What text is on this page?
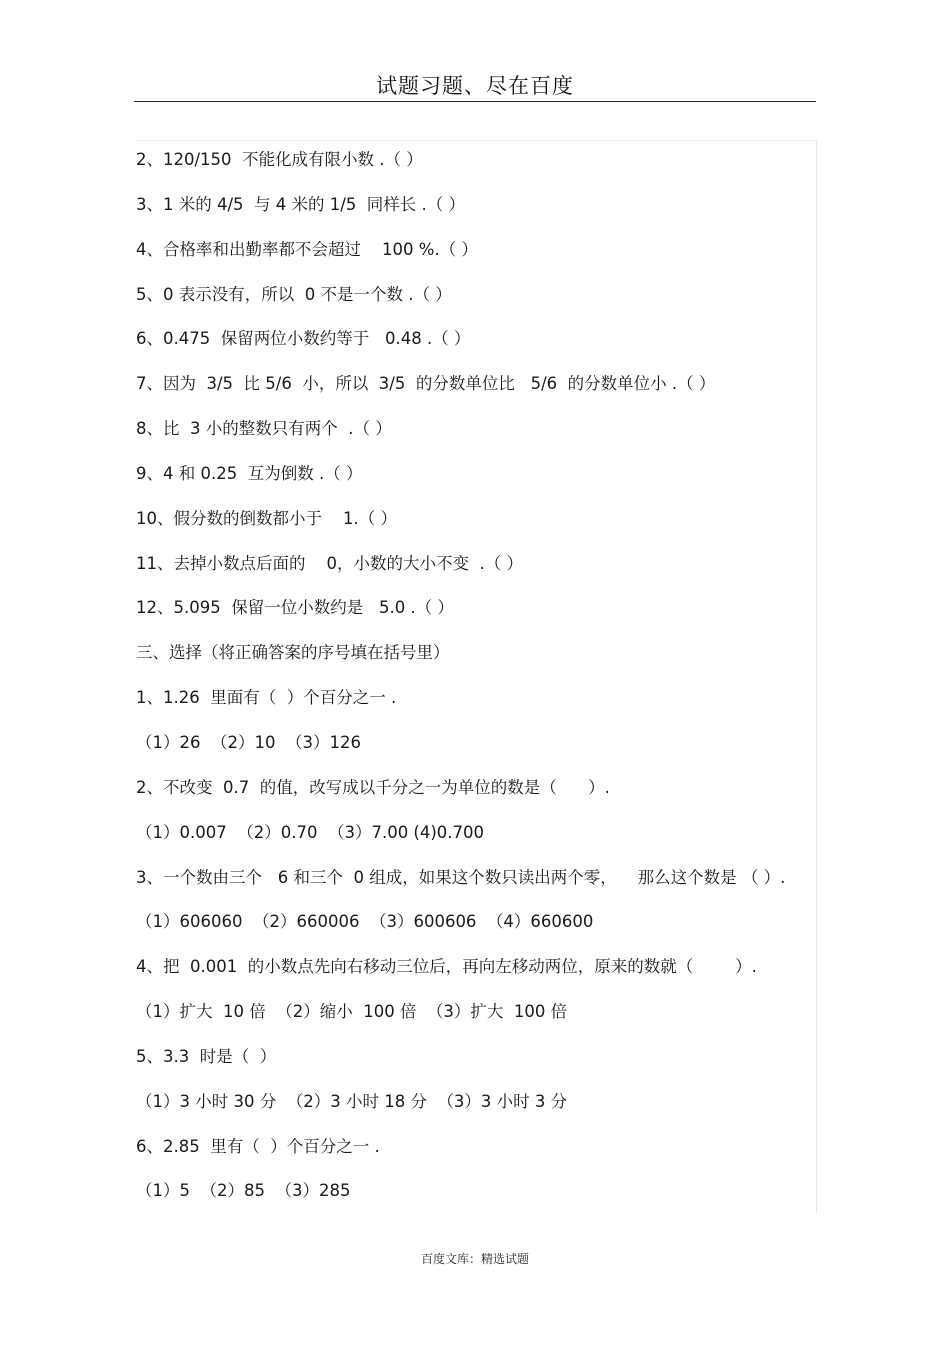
试题习题、尽在百度
2、120/150  不能化成有限小数 .（ ）
3、1 米的 4/5  与 4 米的 1/5  同样长 .（ ）
4、合格率和出勤率都不会超过    100 %.（ ）
5、0 表示没有，所以  0 不是一个数 .（ ）
6、0.475  保留两位小数约等于   0.48 .（ ）
7、因为  3/5  比 5/6  小，所以  3/5  的分数单位比   5/6  的分数单位小 .（ ）
8、比  3 小的整数只有两个  .（ ）
9、4 和 0.25  互为倒数 .（ ）
10、假分数的倒数都小于    1.（ ）
11、去掉小数点后面的    0，小数的大小不变  .（ ）
12、5.095  保留一位小数约是   5.0 .（ ）
三、选择（将正确答案的序号填在括号里）
1、1.26  里面有（  ）个百分之一 .
（1）26  （2）10  （3）126
2、不改变  0.7  的值，改写成以千分之一为单位的数是（      ）.
（1）0.007  （2）0.70  （3）7.00 (4)0.700
3、一个数由三个   6 和三个  0 组成，如果这个数只读出两个零，    那么这个数是 （ ）.
（1）606060  （2）660006  （3）600606  （4）660600
4、把  0.001  的小数点先向右移动三位后，再向左移动两位，原来的数就（        ）.
（1）扩大  10 倍  （2）缩小  100 倍  （3）扩大  100 倍
5、3.3  时是（  ）
（1）3 小时 30 分  （2）3 小时 18 分  （3）3 小时 3 分
6、2.85  里有（  ）个百分之一 .
（1）5  （2）85  （3）285
百度文库：精选试题
